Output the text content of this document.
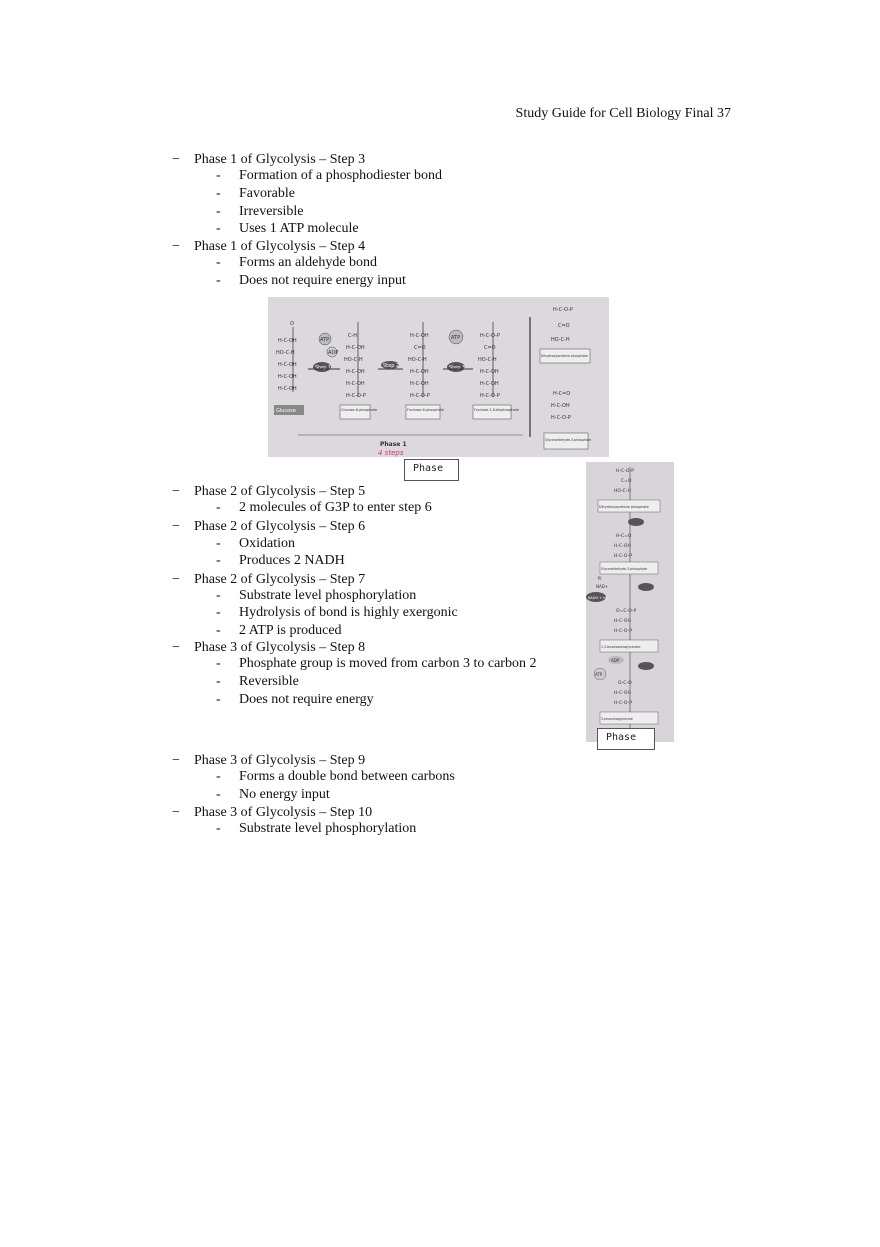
Study Guide for Cell Biology Final 37
− Phase 1 of Glycolysis – Step 3
- Formation of a phosphodiester bond
- Favorable
- Irreversible
- Uses 1 ATP molecule
− Phase 1 of Glycolysis – Step 4
- Forms an aldehyde bond
- Does not require energy input
− Phase 2 of Glycolysis – Step 5
- 2 molecules of G3P to enter step 6
− Phase 2 of Glycolysis – Step 6
- Oxidation
- Produces 2 NADH
− Phase 2 of Glycolysis – Step 7
- Substrate level phosphorylation
- Hydrolysis of bond is highly exergonic
- 2 ATP is produced
− Phase 3 of Glycolysis – Step 8
- Phosphate group is moved from carbon 3 to carbon 2
- Reversible
- Does not require energy
− Phase 3 of Glycolysis – Step 9
- Forms a double bond between carbons
- No energy input
− Phase 3 of Glycolysis – Step 10
- Substrate level phosphorylation
O
H-C-OH
HO-C-H
H-C-OH
H-C-OH
H-C-OH
Glucose
ATP
ADP
Step 1
C-H
H-C-OH
HO-C-H
H-C-OH
H-C-OH
H-C-O-P
Glucose-6-phosphate
Step 2
H-C-OH
C=O
HO-C-H
H-C-OH
H-C-OH
H-C-O-P
Fructose-6-phosphate
ATP
Step 3
H-C-O-P
C=O
HO-C-H
H-C-OH
H-C-OH
H-C-O-P
Fructose-1,6-bisphosphate
Dihydroxyacetone phosphate
H-C-O-P
C=O
HO-C-H
H-C=O
H-C-OH
H-C-O-P
Glyceraldehyde-3-phosphate
Phase 1
4 steps
Phase	H-C-O-P
C=O
HO-C-H
Dihydroxyacetone phosphate
H-C=O
H-C-OH
H-C-O-P
Glyceraldehyde-3-phosphate
Pi
NAD+
NADH + H+
O=C-O-P
H-C-OH
H-C-O-P
1,3-bisphosphoglycerate
ADP
ATP
O-C-O
H-C-OH
H-C-O-P
3-phosphoglycerate
Phase
